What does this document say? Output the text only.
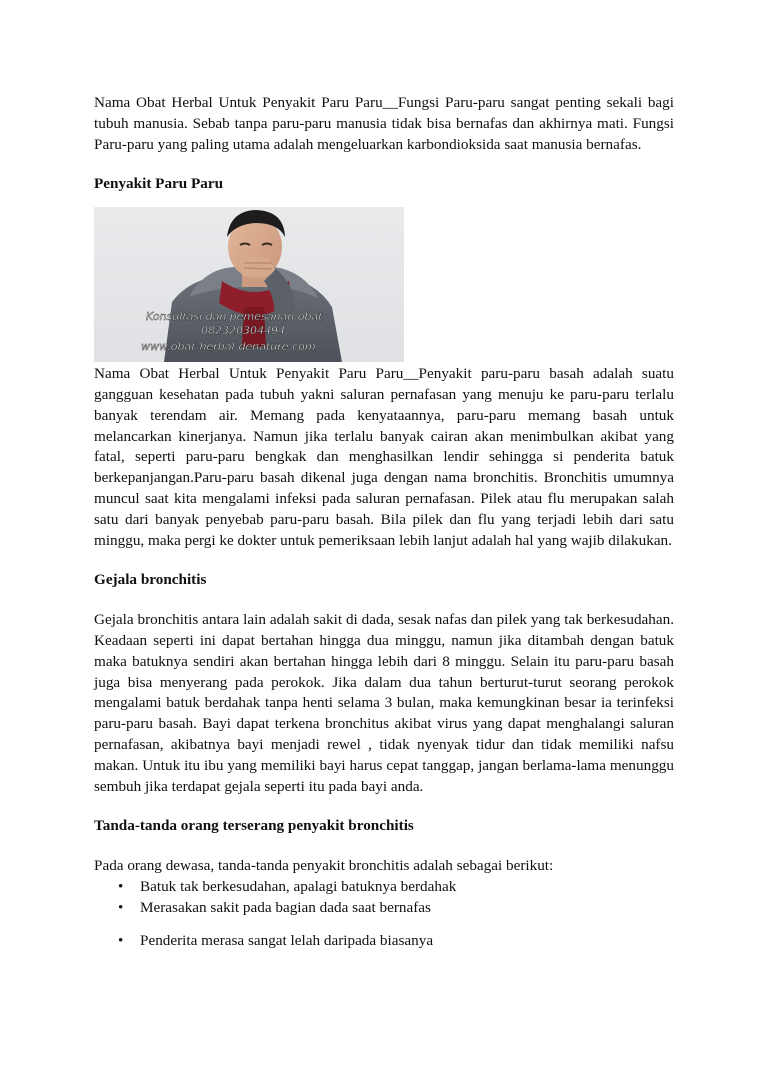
Nama Obat Herbal Untuk Penyakit Paru Paru__Fungsi Paru-paru sangat penting sekali bagi tubuh manusia. Sebab tanpa paru-paru manusia tidak bisa bernafas dan akhirnya mati. Fungsi Paru-paru yang paling utama adalah mengeluarkan karbondioksida saat manusia bernafas.

Penyakit Paru Paru
Konsultasi dan pemesanan obat
082320304494
www.obat-herbal-denature.com

Nama Obat Herbal Untuk Penyakit Paru Paru__Penyakit paru-paru basah adalah suatu gangguan kesehatan pada tubuh yakni saluran pernafasan yang menuju ke paru-paru terlalu banyak terendam air. Memang pada kenyataannya, paru-paru memang basah untuk melancarkan kinerjanya. Namun jika terlalu banyak cairan akan menimbulkan akibat yang fatal, seperti paru-paru bengkak dan menghasilkan lendir sehingga si penderita batuk berkepanjangan.Paru-paru basah dikenal juga dengan nama bronchitis. Bronchitis umumnya muncul saat kita mengalami infeksi pada saluran pernafasan. Pilek atau flu merupakan salah satu dari banyak penyebab paru-paru basah. Bila pilek dan flu yang terjadi lebih dari satu minggu, maka pergi ke dokter untuk pemeriksaan lebih lanjut adalah hal yang wajib dilakukan.

Gejala bronchitis

Gejala bronchitis antara lain adalah sakit di dada, sesak nafas dan pilek yang tak berkesudahan. Keadaan seperti ini dapat bertahan hingga dua minggu, namun jika ditambah dengan batuk maka batuknya sendiri akan bertahan hingga lebih dari 8 minggu. Selain itu paru-paru basah juga bisa menyerang pada perokok. Jika dalam dua tahun berturut-turut seorang perokok mengalami batuk berdahak tanpa henti selama 3 bulan, maka kemungkinan besar ia terinfeksi paru-paru basah. Bayi dapat terkena bronchitus akibat virus yang dapat menghalangi saluran pernafasan, akibatnya bayi menjadi rewel , tidak nyenyak tidur dan tidak memiliki nafsu makan. Untuk itu ibu yang memiliki bayi harus cepat tanggap, jangan berlama-lama menunggu sembuh jika terdapat gejala seperti itu pada bayi anda.

Tanda-tanda orang terserang penyakit bronchitis

Pada orang dewasa, tanda-tanda penyakit bronchitis adalah sebagai berikut:

• Batuk tak berkesudahan, apalagi batuknya berdahak
• Merasakan sakit pada bagian dada saat bernafas
• Penderita merasa sangat lelah daripada biasanya
